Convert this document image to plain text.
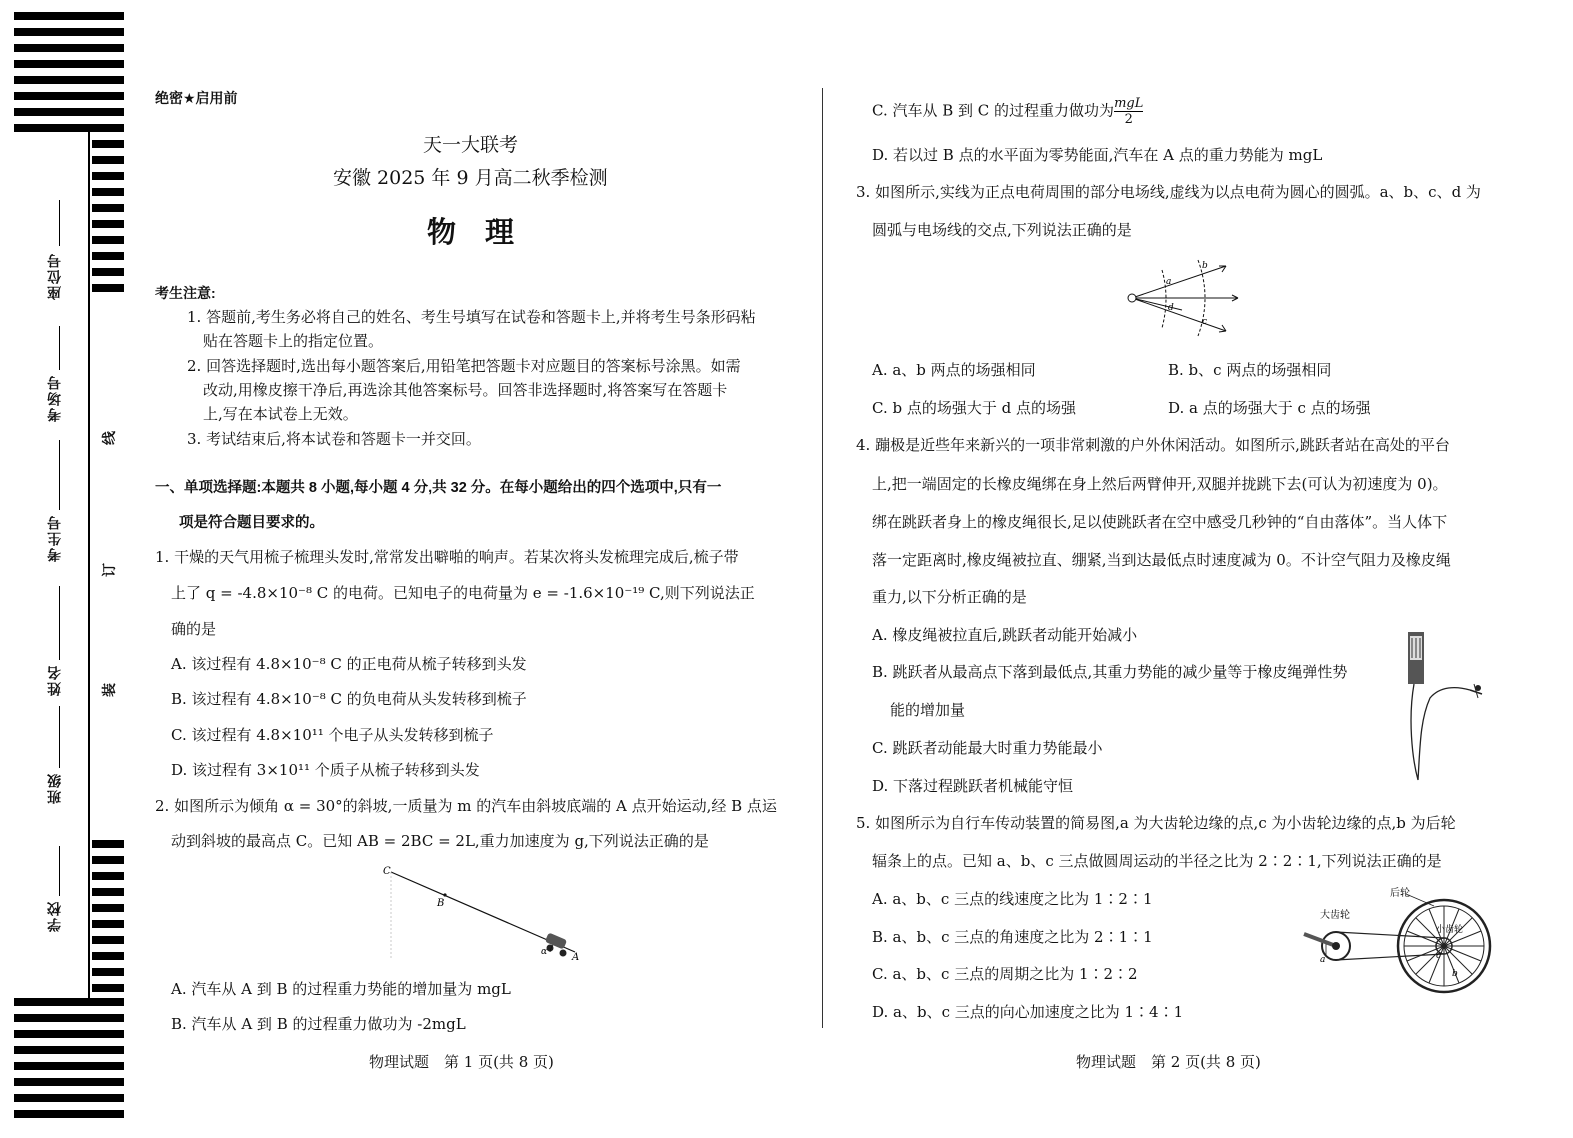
座位号
考场号
考生号
姓名
班级
学校
线
订
装

绝密★启用前

天一大联考

安徽 2025 年 9 月高二秋季检测

物　理

考生注意:

1. 答题前,考生务必将自己的姓名、考生号填写在试卷和答题卡上,并将考生号条形码粘

贴在答题卡上的指定位置。

2. 回答选择题时,选出每小题答案后,用铅笔把答题卡对应题目的答案标号涂黑。如需

改动,用橡皮擦干净后,再选涂其他答案标号。回答非选择题时,将答案写在答题卡

上,写在本试卷上无效。

3. 考试结束后,将本试卷和答题卡一并交回。

一、单项选择题:本题共 8 小题,每小题 4 分,共 32 分。在每小题给出的四个选项中,只有一

项是符合题目要求的。

1. 干燥的天气用梳子梳理头发时,常常发出噼啪的响声。若某次将头发梳理完成后,梳子带

上了 q = -4.8×10⁻⁸ C 的电荷。已知电子的电荷量为 e = -1.6×10⁻¹⁹ C,则下列说法正

确的是

A. 该过程有 4.8×10⁻⁸ C 的正电荷从梳子转移到头发

B. 该过程有 4.8×10⁻⁸ C 的负电荷从头发转移到梳子

C. 该过程有 4.8×10¹¹ 个电子从头发转移到梳子

D. 该过程有 3×10¹¹ 个质子从梳子转移到头发

2. 如图所示为倾角 α = 30°的斜坡,一质量为 m 的汽车由斜坡底端的 A 点开始运动,经 B 点运

动到斜坡的最高点 C。已知 AB = 2BC = 2L,重力加速度为 g,下列说法正确的是

C
B
α A

A. 汽车从 A 到 B 的过程重力势能的增加量为 mgL

B. 汽车从 A 到 B 的过程重力做功为 -2mgL

物理试题　第 1 页(共 8 页)

C. 汽车从 B 到 C 的过程重力做功为 $\frac{\text{mgL}}{2}$

D. 若以过 B 点的水平面为零势能面,汽车在 A 点的重力势能为 mgL

3. 如图所示,实线为正点电荷周围的部分电场线,虚线为以点电荷为圆心的圆弧。a、b、c、d 为

圆弧与电场线的交点,下列说法正确的是

a
b
d
c

A. a、b 两点的场强相同	B. b、c 两点的场强相同

C. b 点的场强大于 d 点的场强	D. a 点的场强大于 c 点的场强

4. 蹦极是近些年来新兴的一项非常刺激的户外休闲活动。如图所示,跳跃者站在高处的平台

上,把一端固定的长橡皮绳绑在身上然后两臂伸开,双腿并拢跳下去(可认为初速度为 0)。

绑在跳跃者身上的橡皮绳很长,足以使跳跃者在空中感受几秒钟的“自由落体”。当人体下

落一定距离时,橡皮绳被拉直、绷紧,当到达最低点时速度减为 0。不计空气阻力及橡皮绳

重力,以下分析正确的是

A. 橡皮绳被拉直后,跳跃者动能开始减小

B. 跳跃者从最高点下落到最低点,其重力势能的减少量等于橡皮绳弹性势

能的增加量

C. 跳跃者动能最大时重力势能最小

D. 下落过程跳跃者机械能守恒

5. 如图所示为自行车传动装置的简易图,a 为大齿轮边缘的点,c 为小齿轮边缘的点,b 为后轮

辐条上的点。已知 a、b、c 三点做圆周运动的半径之比为 2∶2∶1,下列说法正确的是

A. a、b、c 三点的线速度之比为 1∶2∶1

B. a、b、c 三点的角速度之比为 2∶1∶1

C. a、b、c 三点的周期之比为 1∶2∶2

D. a、b、c 三点的向心加速度之比为 1∶4∶1

后轮
大齿轮
小齿轮
a
b
c

物理试题　第 2 页(共 8 页)
